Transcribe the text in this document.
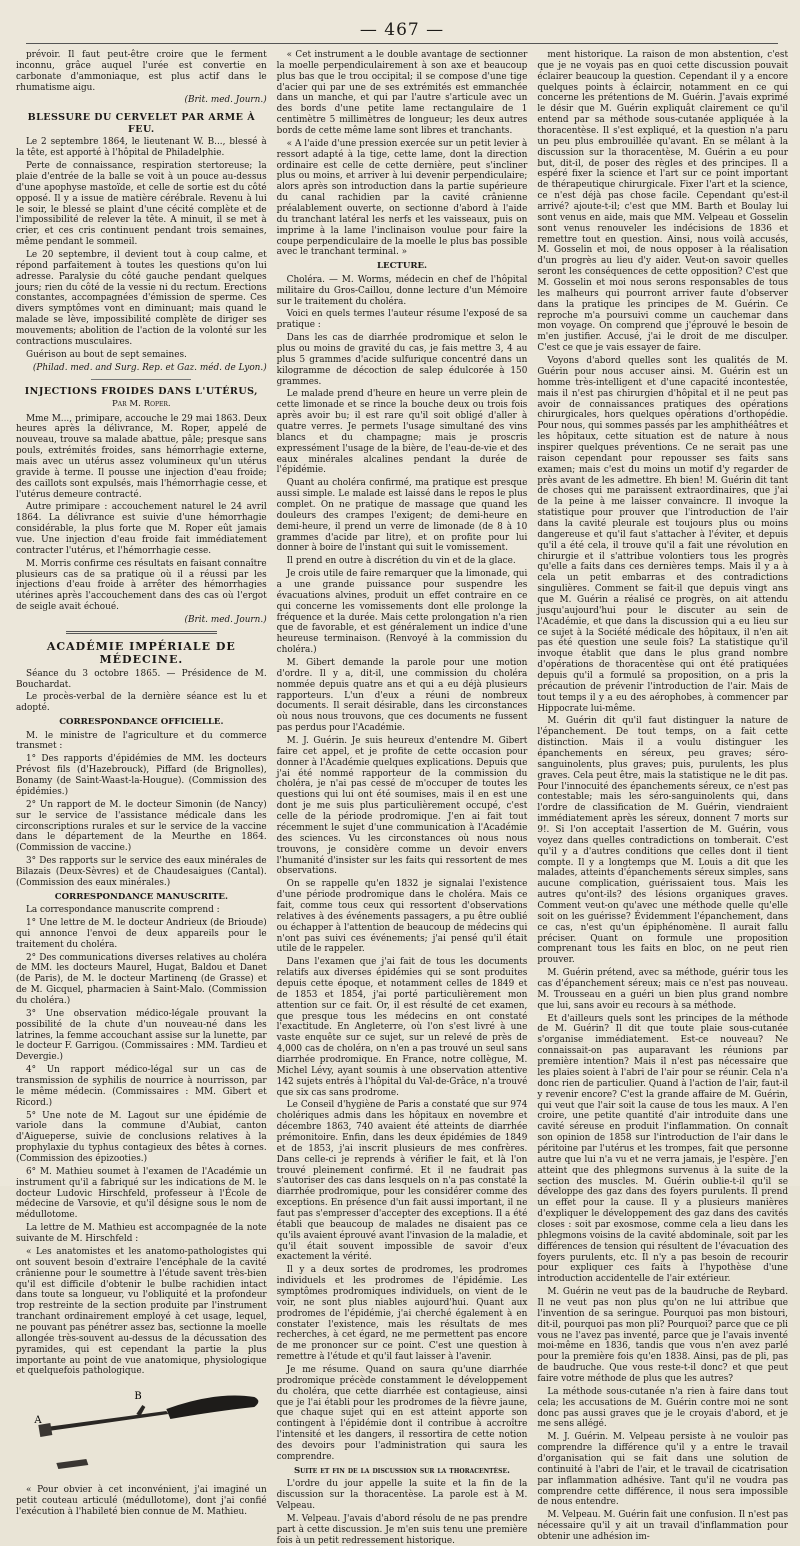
— 467 —

prévoir. Il faut peut-être croire que le ferment inconnu, grâce auquel l'urée est convertie en carbonate d'ammoniaque, est plus actif dans le rhumatisme aigu.

(Brit. med. Journ.)
BLESSURE DU CERVELET PAR ARME À FEU.

Le 2 septembre 1864, le lieutenant W. B..., blessé à la tête, est apporté à l'hôpital de Philadelphie.

Perte de connaissance, respiration stertoreuse; la plaie d'entrée de la balle se voit à un pouce au-dessus d'une apophyse mastoïde, et celle de sortie est du côté opposé. Il y a issue de matière cérébrale. Revenu à lui le soir, le blessé se plaint d'une cécité complète et de l'impossibilité de relever la tête. A minuit, il se met à crier, et ces cris continuent pendant trois semaines, même pendant le sommeil.

Le 20 septembre, il devient tout à coup calme, et répond parfaitement à toutes les questions qu'on lui adresse. Paralysie du côté gauche pendant quelques jours; rien du côté de la vessie ni du rectum. Erections constantes, accompagnées d'émission de sperme. Ces divers symptômes vont en diminuant; mais quand le malade se lève, impossibilité complète de diriger ses mouvements; abolition de l'action de la volonté sur les contractions musculaires.

Guérison au bout de sept semaines.

(Philad. med. and Surg. Rep. et Gaz. méd. de Lyon.)
INJECTIONS FROIDES DANS L'UTÉRUS,
Par M. Roper.

Mme M..., primipare, accouche le 29 mai 1863. Deux heures après la délivrance, M. Roper, appelé de nouveau, trouve sa malade abattue, pâle; presque sans pouls, extrémités froides, sans hémorrhagie externe, mais avec un utérus assez volumineux qu'un utérus gravide à terme. Il pousse une injection d'eau froide; des caillots sont expulsés, mais l'hémorrhagie cesse, et l'utérus demeure contracté.

Autre primipare : accouchement naturel le 24 avril 1864. La délivrance est suivie d'une hémorrhagie considérable, la plus forte que M. Roper eût jamais vue. Une injection d'eau froide fait immédiatement contracter l'utérus, et l'hémorrhagie cesse.

M. Morris confirme ces résultats en faisant connaître plusieurs cas de sa pratique où il a réussi par les injections d'eau froide à arrêter des hémorrhagies utérines après l'accouchement dans des cas où l'ergot de seigle avait échoué.

(Brit. med. Journ.)
ACADÉMIE IMPÉRIALE DE MÉDECINE.

Séance du 3 octobre 1865. — Présidence de M. Bouchardat.

Le procès-verbal de la dernière séance est lu et adopté.

CORRESPONDANCE OFFICIELLE.

M. le ministre de l'agriculture et du commerce transmet :

1° Des rapports d'épidémies de MM. les docteurs Prévost fils (d'Hazebrouck), Piffard (de Brignolles), Bonamy (de Saint-Waast-la-Hougue). (Commission des épidémies.)

2° Un rapport de M. le docteur Simonin (de Nancy) sur le service de l'assistance médicale dans les circonscriptions rurales et sur le service de la vaccine dans le département de la Meurthe en 1864. (Commission de vaccine.)

3° Des rapports sur le service des eaux minérales de Bilazais (Deux-Sèvres) et de Chaudesaigues (Cantal). (Commission des eaux minérales.)

CORRESPONDANCE MANUSCRITE.

La correspondance manuscrite comprend :

1° Une lettre de M. le docteur Andrieux (de Brioude) qui annonce l'envoi de deux appareils pour le traitement du choléra.

2° Des communications diverses relatives au choléra de MM. les docteurs Maurel, Hugat, Baldou et Danet (de Paris), de M. le docteur Martinenq (de Grasse) et de M. Gicquel, pharmacien à Saint-Malo. (Commission du choléra.)

3° Une observation médico-légale prouvant la possibilité de la chute d'un nouveau-né dans les latrines, la femme accouchant assise sur la lunette, par le docteur F. Garrigou. (Commissaires : MM. Tardieu et Devergie.)

4° Un rapport médico-légal sur un cas de transmission de syphilis de nourrice à nourrisson, par le même médecin. (Commissaires : MM. Gibert et Ricord.)

5° Une note de M. Lagout sur une épidémie de variole dans la commune d'Aubiat, canton d'Aigueperse, suivie de conclusions relatives à la prophylaxie du typhus contagieux des bêtes à cornes. (Commission des épizooties.)

6° M. Mathieu soumet à l'examen de l'Académie un instrument qu'il a fabriqué sur les indications de M. le docteur Ludovic Hirschfeld, professeur à l'École de médecine de Varsovie, et qu'il désigne sous le nom de médullotome.

La lettre de M. Mathieu est accompagnée de la note suivante de M. Hirschfeld :

« Les anatomistes et les anatomo-pathologistes qui ont souvent besoin d'extraire l'encéphale de la cavité crânienne pour le soumettre à l'étude savent très-bien qu'il est difficile d'obtenir le bulbe rachidien intact dans toute sa longueur, vu l'obliquité et la profondeur trop restreinte de la section produite par l'instrument tranchant ordinairement employé à cet usage, lequel, ne pouvant pas pénétrer assez bas, sectionne la moelle allongée très-souvent au-dessus de la décussation des pyramides, qui est cependant la partie la plus importante au point de vue anatomique, physiologique et quelquefois pathologique.

A
B

« Pour obvier à cet inconvénient, j'ai imaginé un petit couteau articulé (médullotome), dont j'ai confié l'exécution à l'habileté bien connue de M. Mathieu.

« Cet instrument a le double avantage de sectionner la moelle perpendiculairement à son axe et beaucoup plus bas que le trou occipital; il se compose d'une tige d'acier qui par une de ses extrémités est emmanchée dans un manche, et qui par l'autre s'articule avec un des bords d'une petite lame rectangulaire de 1 centimètre 5 millimètres de longueur; les deux autres bords de cette même lame sont libres et tranchants.

« A l'aide d'une pression exercée sur un petit levier à ressort adapté à la tige, cette lame, dont la direction ordinaire est celle de cette dernière, peut s'incliner plus ou moins, et arriver à lui devenir perpendiculaire; alors après son introduction dans la partie supérieure du canal rachidien par la cavité crânienne préalablement ouverte, on sectionne d'abord à l'aide du tranchant latéral les nerfs et les vaisseaux, puis on imprime à la lame l'inclinaison voulue pour faire la coupe perpendiculaire de la moelle le plus bas possible avec le tranchant terminal. »

LECTURE.

Choléra. — M. Worms, médecin en chef de l'hôpital militaire du Gros-Caillou, donne lecture d'un Mémoire sur le traitement du choléra.

Voici en quels termes l'auteur résume l'exposé de sa pratique :

Dans les cas de diarrhée prodromique et selon le plus ou moins de gravité du cas, je fais mettre 3, 4 au plus 5 grammes d'acide sulfurique concentré dans un kilogramme de décoction de salep édulcorée à 150 grammes.

Le malade prend d'heure en heure un verre plein de cette limonade et se rince la bouche deux ou trois fois après avoir bu; il est rare qu'il soit obligé d'aller à quatre verres. Je permets l'usage simultané des vins blancs et du champagne; mais je proscris expressément l'usage de la bière, de l'eau-de-vie et des eaux minérales alcalines pendant la durée de l'épidémie.

Quant au choléra confirmé, ma pratique est presque aussi simple. Le malade est laissé dans le repos le plus complet. On ne pratique de massage que quand les douleurs des crampes l'exigent; de demi-heure en demi-heure, il prend un verre de limonade (de 8 à 10 grammes d'acide par litre), et on profite pour lui donner à boire de l'instant qui suit le vomissement.

Il prend en outre à discrétion du vin et de la glace.

Je crois utile de faire remarquer que la limonade, qui a une grande puissance pour suspendre les évacuations alvines, produit un effet contraire en ce qui concerne les vomissements dont elle prolonge la fréquence et la durée. Mais cette prolongation n'a rien que de favorable, et est généralement un indice d'une heureuse terminaison. (Renvoyé à la commission du choléra.)

M. Gibert demande la parole pour une motion d'ordre. Il y a, dit-il, une commission du choléra nommée depuis quatre ans et qui a eu déjà plusieurs rapporteurs. L'un d'eux a réuni de nombreux documents. Il serait désirable, dans les circonstances où nous nous trouvons, que ces documents ne fussent pas perdus pour l'Académie.

M. J. Guérin. Je suis heureux d'entendre M. Gibert faire cet appel, et je profite de cette occasion pour donner à l'Académie quelques explications. Depuis que j'ai été nommé rapporteur de la commission du choléra, je n'ai pas cessé de m'occuper de toutes les questions qui lui ont été soumises, mais il en est une dont je me suis plus particulièrement occupé, c'est celle de la période prodromique. J'en ai fait tout récemment le sujet d'une communication à l'Académie des sciences. Vu les circonstances où nous nous trouvons, je considère comme un devoir envers l'humanité d'insister sur les faits qui ressortent de mes observations.

On se rappelle qu'en 1832 je signalai l'existence d'une période prodromique dans le choléra. Mais ce fait, comme tous ceux qui ressortent d'observations relatives à des événements passagers, a pu être oublié ou échapper à l'attention de beaucoup de médecins qui n'ont pas suivi ces événements; j'ai pensé qu'il était utile de le rappeler.

Dans l'examen que j'ai fait de tous les documents relatifs aux diverses épidémies qui se sont produites depuis cette époque, et notamment celles de 1849 et de 1853 et 1854, j'ai porté particulièrement mon attention sur ce fait. Or, il est résulté de cet examen, que presque tous les médecins en ont constaté l'exactitude. En Angleterre, où l'on s'est livré à une vaste enquête sur ce sujet, sur un relevé de près de 4,000 cas de choléra, on n'en a pas trouvé un seul sans diarrhée prodromique. En France, notre collègue, M. Michel Lévy, ayant soumis à une observation attentive 142 sujets entrés à l'hôpital du Val-de-Grâce, n'a trouvé que six cas sans prodrome.

Le Conseil d'hygiène de Paris a constaté que sur 974 cholériques admis dans les hôpitaux en novembre et décembre 1863, 740 avaient été atteints de diarrhée prémonitoire. Enfin, dans les deux épidémies de 1849 et de 1853, j'ai inscrit plusieurs de mes confrères. Dans celle-ci je reprends à vérifier le fait, et là l'on trouvé pleinement confirmé. Et il ne faudrait pas s'autoriser des cas dans lesquels on n'a pas constaté la diarrhée prodromique, pour les considérer comme des exceptions. En présence d'un fait aussi important, il ne faut pas s'empresser d'accepter des exceptions. Il a été établi que beaucoup de malades ne disaient pas ce qu'ils avaient éprouvé avant l'invasion de la maladie, et qu'il était souvent impossible de savoir d'eux exactement la vérité.

Il y a deux sortes de prodromes, les prodromes individuels et les prodromes de l'épidémie. Les symptômes prodromiques individuels, on vient de le voir, ne sont plus niables aujourd'hui. Quant aux prodromes de l'épidémie, j'ai cherché également à en constater l'existence, mais les résultats de mes recherches, à cet égard, ne me permettent pas encore de me prononcer sur ce point. C'est une question à remettre à l'étude et qu'il faut laisser à l'avenir.

Je me résume. Quand on saura qu'une diarrhée prodromique précède constamment le développement du choléra, que cette diarrhée est contagieuse, ainsi que je l'ai établi pour les prodromes de la fièvre jaune, que chaque sujet qui en est atteint apporte son contingent à l'épidémie dont il contribue à accroître l'intensité et les dangers, il ressortira de cette notion des devoirs pour l'administration qui saura les comprendre.

Suite et fin de la discussion sur la thoracentèse.

L'ordre du jour appelle la suite et la fin de la discussion sur la thoracentèse. La parole est à M. Velpeau.

M. Velpeau. J'avais d'abord résolu de ne pas prendre part à cette discussion. Je m'en suis tenu une première fois à un petit redressement historique.

ment historique. La raison de mon abstention, c'est que je ne voyais pas en quoi cette discussion pouvait éclairer beaucoup la question. Cependant il y a encore quelques points à éclaircir, notamment en ce qui concerne les prétentions de M. Guérin. J'avais exprimé le désir que M. Guérin expliquât clairement ce qu'il entend par sa méthode sous-cutanée appliquée à la thoracentèse. Il s'est expliqué, et la question n'a paru un peu plus embrouillée qu'avant. En se mêlant à la discussion sur la thoracentèse, M. Guérin a eu pour but, dit-il, de poser des règles et des principes. Il a espéré fixer la science et l'art sur ce point important de thérapeutique chirurgicale. Fixer l'art et la science, ce n'est déjà pas chose facile. Cependant qu'est-il arrivé? ajoute-t-il; c'est que MM. Barth et Boulay lui sont venus en aide, mais que MM. Velpeau et Gosselin sont venus renouveler les indécisions de 1836 et remettre tout en question. Ainsi, nous voilà accusés, M. Gosselin et moi, de nous opposer à la réalisation d'un progrès au lieu d'y aider. Veut-on savoir quelles seront les conséquences de cette opposition? C'est que M. Gosselin et moi nous serons responsables de tous les malheurs qui pourront arriver faute d'observer dans la pratique les principes de M. Guérin. Ce reproche m'a poursuivi comme un cauchemar dans mon voyage. On comprend que j'éprouvé le besoin de m'en justifier. Accusé, j'ai le droit de me disculper. C'est ce que je vais essayer de faire.

Voyons d'abord quelles sont les qualités de M. Guérin pour nous accuser ainsi. M. Guérin est un homme très-intelligent et d'une capacité incontestée, mais il n'est pas chirurgien d'hôpital et il ne peut pas avoir de connaissances pratiques des opérations chirurgicales, hors quelques opérations d'orthopédie. Pour nous, qui sommes passés par les amphithéâtres et les hôpitaux, cette situation est de nature à nous inspirer quelques préventions. Ce ne serait pas une raison cependant pour repousser ses faits sans examen; mais c'est du moins un motif d'y regarder de près avant de les admettre. Eh bien! M. Guérin dit tant de choses qui me paraissent extraordinaires, que j'ai de la peine à me laisser convaincre. Il invoque la statistique pour prouver que l'introduction de l'air dans la cavité pleurale est toujours plus ou moins dangereuse et qu'il faut s'attacher à l'éviter, et depuis qu'il a été cela, il trouve qu'il a fait une révolution en chirurgie et il s'attribue volontiers tous les progrès qu'elle a faits dans ces dernières temps. Mais il y a à cela un petit embarras et des contradictions singulières. Comment se fait-il que depuis vingt ans que M. Guérin a réalisé ce progrès, on ait attendu jusqu'aujourd'hui pour le discuter au sein de l'Académie, et que dans la discussion qui a eu lieu sur ce sujet à la Société médicale des hôpitaux, il n'en ait pas été question une seule fois? La statistique qu'il invoque établit que dans le plus grand nombre d'opérations de thoracentèse qui ont été pratiquées depuis qu'il a formulé sa proposition, on a pris la précaution de prévenir l'introduction de l'air. Mais de tout temps il y a eu des aérophobes, à commencer par Hippocrate lui-même.

M. Guérin dit qu'il faut distinguer la nature de l'épanchement. De tout temps, on a fait cette distinction. Mais il a voulu distinguer les épanchements en séreux, peu graves; séro-sanguinolents, plus graves; puis, purulents, les plus graves. Cela peut être, mais la statistique ne le dit pas. Pour l'innocuité des épanchements séreux, ce n'est pas contestable; mais les séro-sanguinolents qui, dans l'ordre de classification de M. Guérin, viendraient immédiatement après les séreux, donnent 7 morts sur 9!. Si l'on acceptait l'assertion de M. Guérin, vous voyez dans quelles contradictions on tomberait. C'est qu'il y a d'autres conditions que celles dont il tient compte. Il y a longtemps que M. Louis a dit que les malades, atteints d'épanchements séreux simples, sans aucune complication, guérissaient tous. Mais les autres qu'ont-ils? des lésions organiques graves. Comment veut-on qu'avec une méthode quelle qu'elle soit on les guérisse? Évidemment l'épanchement, dans ce cas, n'est qu'un épiphénomène. Il aurait fallu préciser. Quant on formule une proposition comprenant tous les faits en bloc, on ne peut rien prouver.

M. Guérin prétend, avec sa méthode, guérir tous les cas d'épanchement séreux; mais ce n'est pas nouveau. M. Trousseau en a guéri un bien plus grand nombre que lui, sans avoir eu recours à sa méthode.

Et d'ailleurs quels sont les principes de la méthode de M. Guérin? Il dit que toute plaie sous-cutanée s'organise immédiatement. Est-ce nouveau? Ne connaissait-on pas auparavant les réunions par première intention? Mais il n'est pas nécessaire que les plaies soient à l'abri de l'air pour se réunir. Cela n'a donc rien de particulier. Quand à l'action de l'air, faut-il y revenir encore? C'est la grande affaire de M. Guérin, qui veut que l'air soit la cause de tous les maux. A l'en croire, une petite quantité d'air introduite dans une cavité séreuse en produit l'inflammation. On connaît son opinion de 1858 sur l'introduction de l'air dans le péritoine par l'utérus et les trompes, fait que personne autre que lui n'a vu et ne verra jamais, je l'espère. J'en atteint que des phlegmons survenus à la suite de la section des muscles. M. Guérin oublie-t-il qu'il se développe des gaz dans des foyers purulents. Il prend un effet pour la cause. Il y a plusieurs manières d'expliquer le développement des gaz dans des cavités closes : soit par exosmose, comme cela a lieu dans les phlegmons voisins de la cavité abdominale, soit par les différences de tension qui résultent de l'évacuation des foyers purulents, etc. Il n'y a pas besoin de recourir pour expliquer ces faits à l'hypothèse d'une introduction accidentelle de l'air extérieur.

M. Guérin ne veut pas de la baudruche de Reybard. Il ne veut pas non plus qu'on ne lui attribue que l'invention de sa seringue. Pourquoi pas mon bistouri, dit-il, pourquoi pas mon pli? Pourquoi? parce que ce pli vous ne l'avez pas inventé, parce que je l'avais inventé moi-même en 1836, tandis que vous n'en avez parlé pour la première fois qu'en 1838. Ainsi, pas de pli, pas de baudruche. Que vous reste-t-il donc? et que peut faire votre méthode de plus que les autres?

La méthode sous-cutanée n'a rien à faire dans tout cela; les accusations de M. Guérin contre moi ne sont donc pas aussi graves que je le croyais d'abord, et je me sens allégé.

M. J. Guérin. M. Velpeau persiste à ne vouloir pas comprendre la différence qu'il y a entre le travail d'organisation qui se fait dans une solution de continuité à l'abri de l'air, et le travail de cicatrisation par inflammation adhésive. Tant qu'il ne voudra pas comprendre cette différence, il nous sera impossible de nous entendre.

M. Velpeau. M. Guérin fait une confusion. Il n'est pas nécessaire qu'il y ait un travail d'inflammation pour obtenir une adhésion im-
